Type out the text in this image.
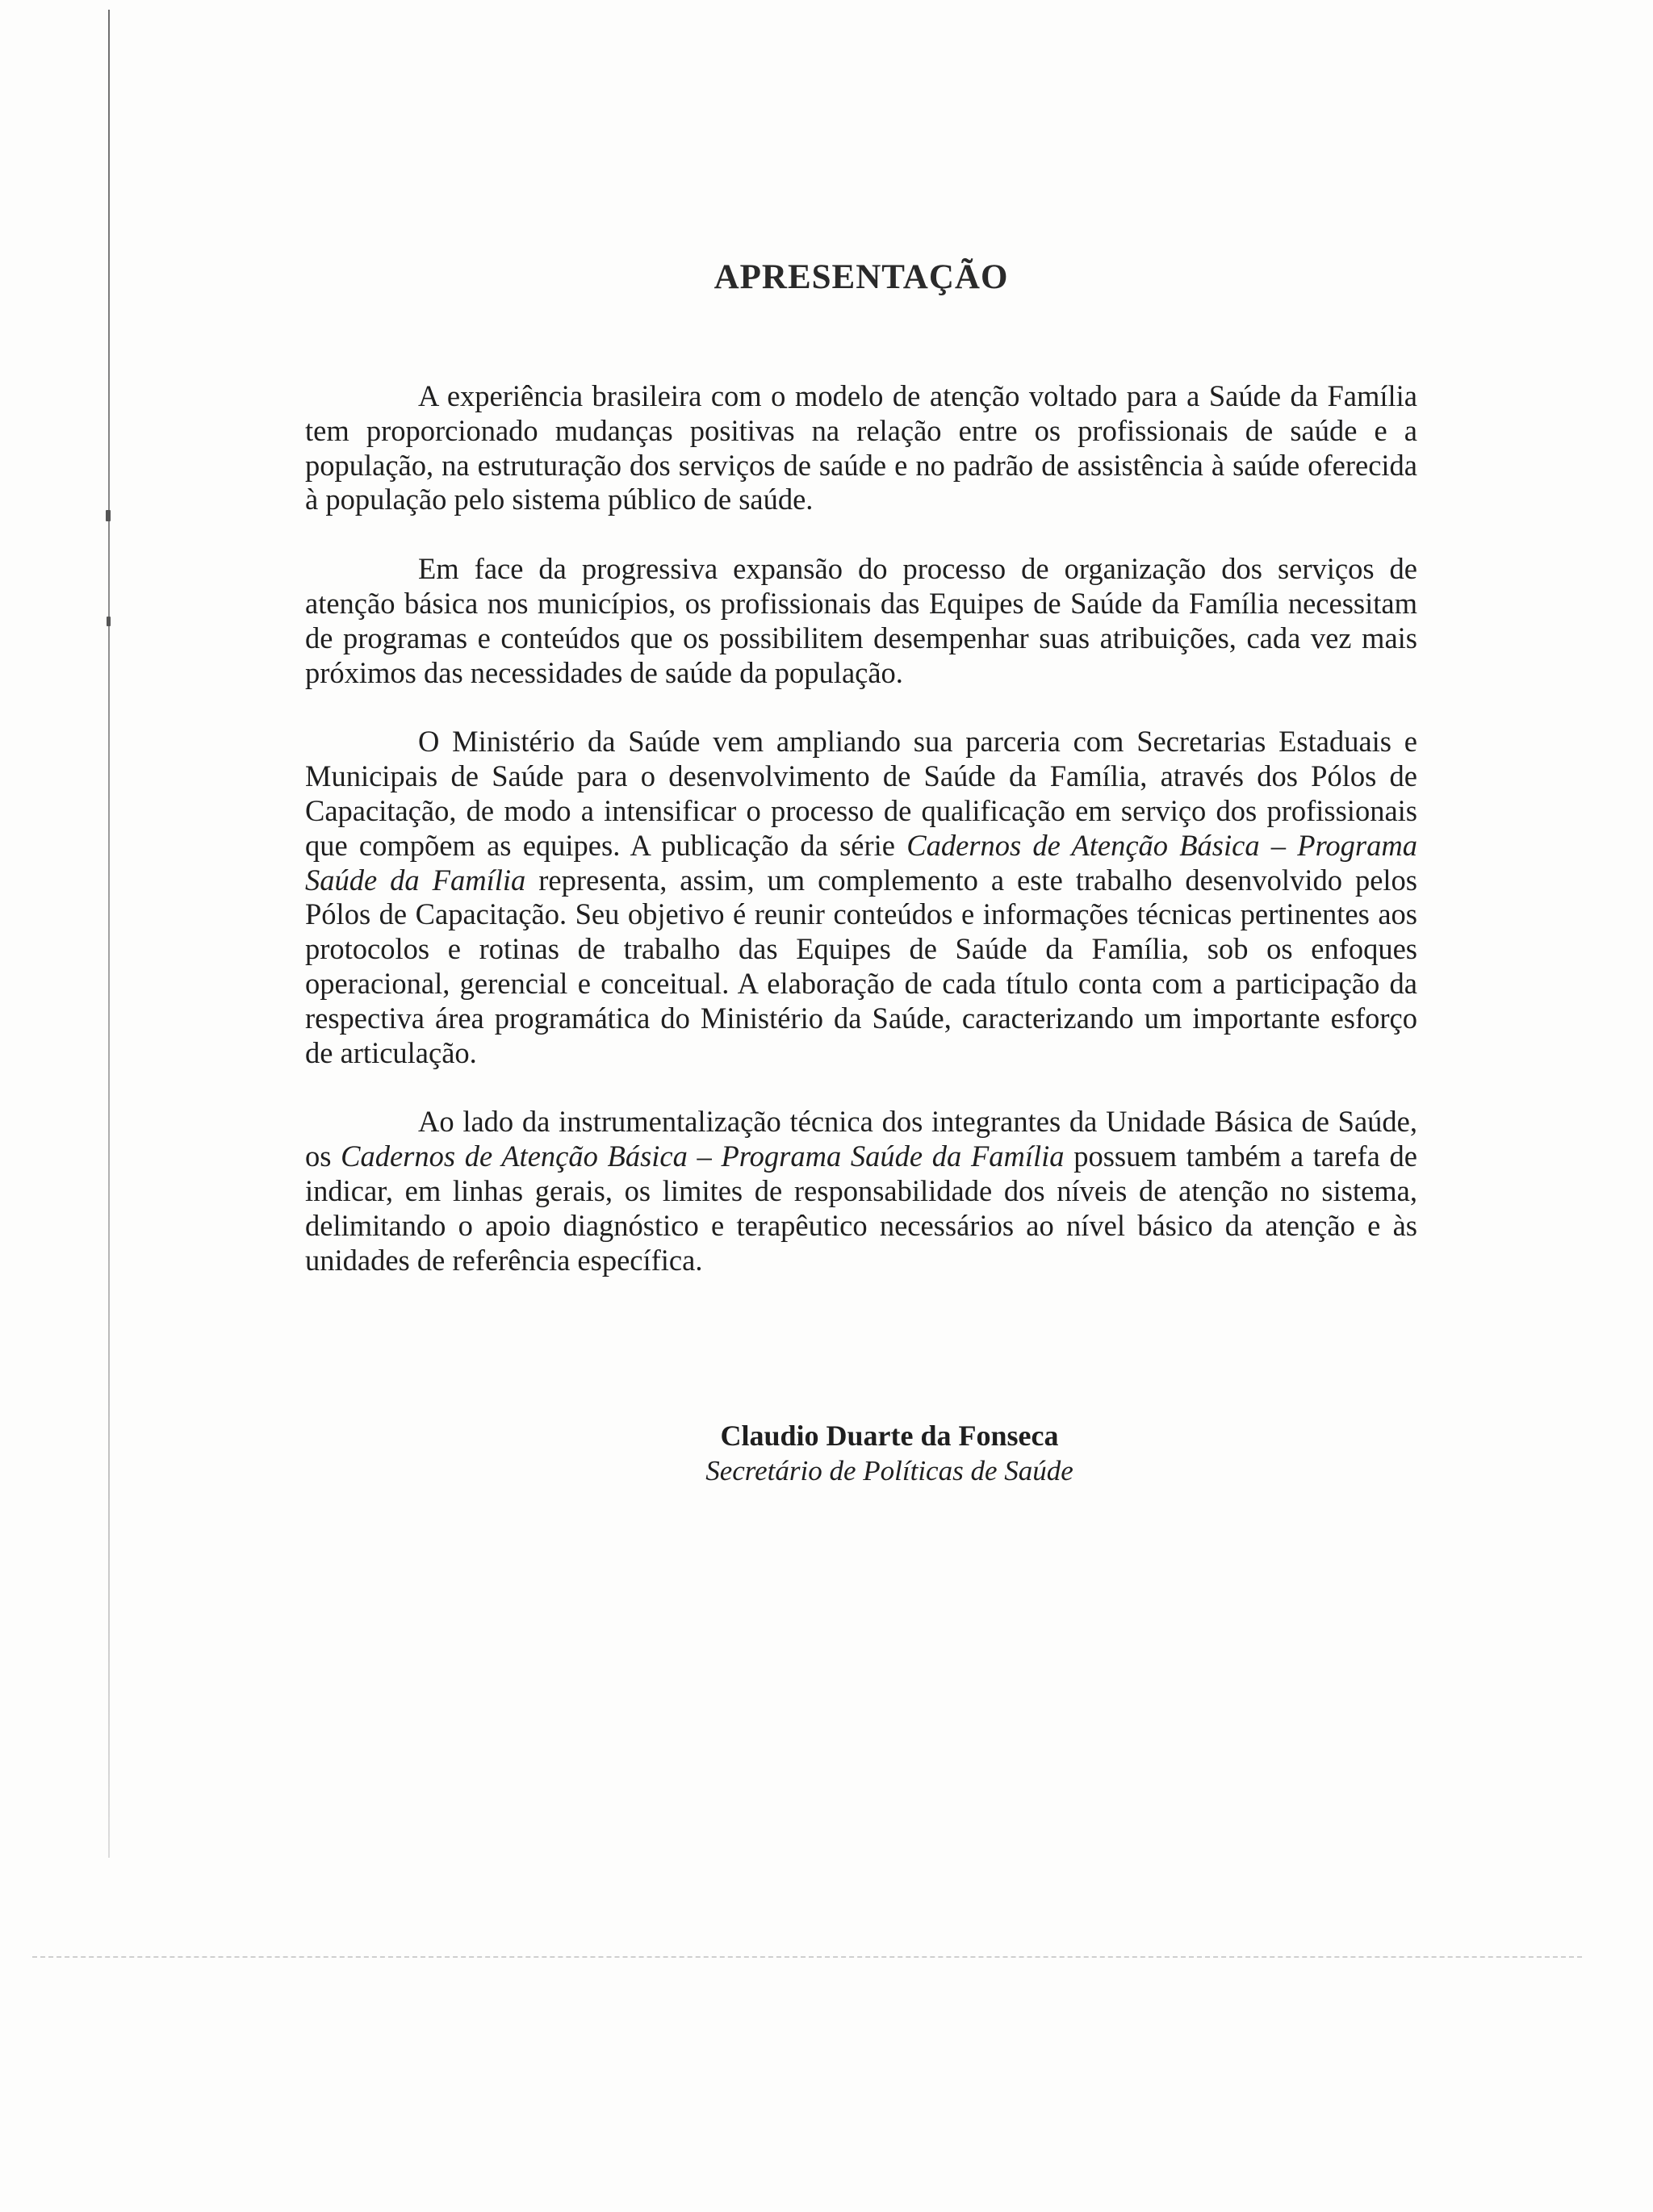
APRESENTAÇÃO

A experiência brasileira com o modelo de atenção voltado para a Saúde da Família tem proporcionado mudanças positivas na relação entre os profissionais de saúde e a população, na estruturação dos serviços de saúde e no padrão de assistência à saúde oferecida à população pelo sistema público de saúde.

Em face da progressiva expansão do processo de organização dos serviços de atenção básica nos municípios, os profissionais das Equipes de Saúde da Família necessitam de programas e conteúdos que os possibilitem desempenhar suas atribuições, cada vez mais próximos das necessidades de saúde da população.

O Ministério da Saúde vem ampliando sua parceria com Secretarias Estaduais e Municipais de Saúde para o desenvolvimento de Saúde da Família, através dos Pólos de Capacitação, de modo a intensificar o processo de qualificação em serviço dos profissionais que compõem as equipes. A publicação da série Cadernos de Atenção Básica – Programa Saúde da Família representa, assim, um complemento a este trabalho desenvolvido pelos Pólos de Capacitação. Seu objetivo é reunir conteúdos e informações técnicas pertinentes aos protocolos e rotinas de trabalho das Equipes de Saúde da Família, sob os enfoques operacional, gerencial e conceitual. A elaboração de cada título conta com a participação da respectiva área programática do Ministério da Saúde, caracterizando um importante esforço de articulação.

Ao lado da instrumentalização técnica dos integrantes da Unidade Básica de Saúde, os Cadernos de Atenção Básica – Programa Saúde da Família possuem também a tarefa de indicar, em linhas gerais, os limites de responsabilidade dos níveis de atenção no sistema, delimitando o apoio diagnóstico e terapêutico necessários ao nível básico da atenção e às unidades de referência específica.

Claudio Duarte da Fonseca
Secretário de Políticas de Saúde
